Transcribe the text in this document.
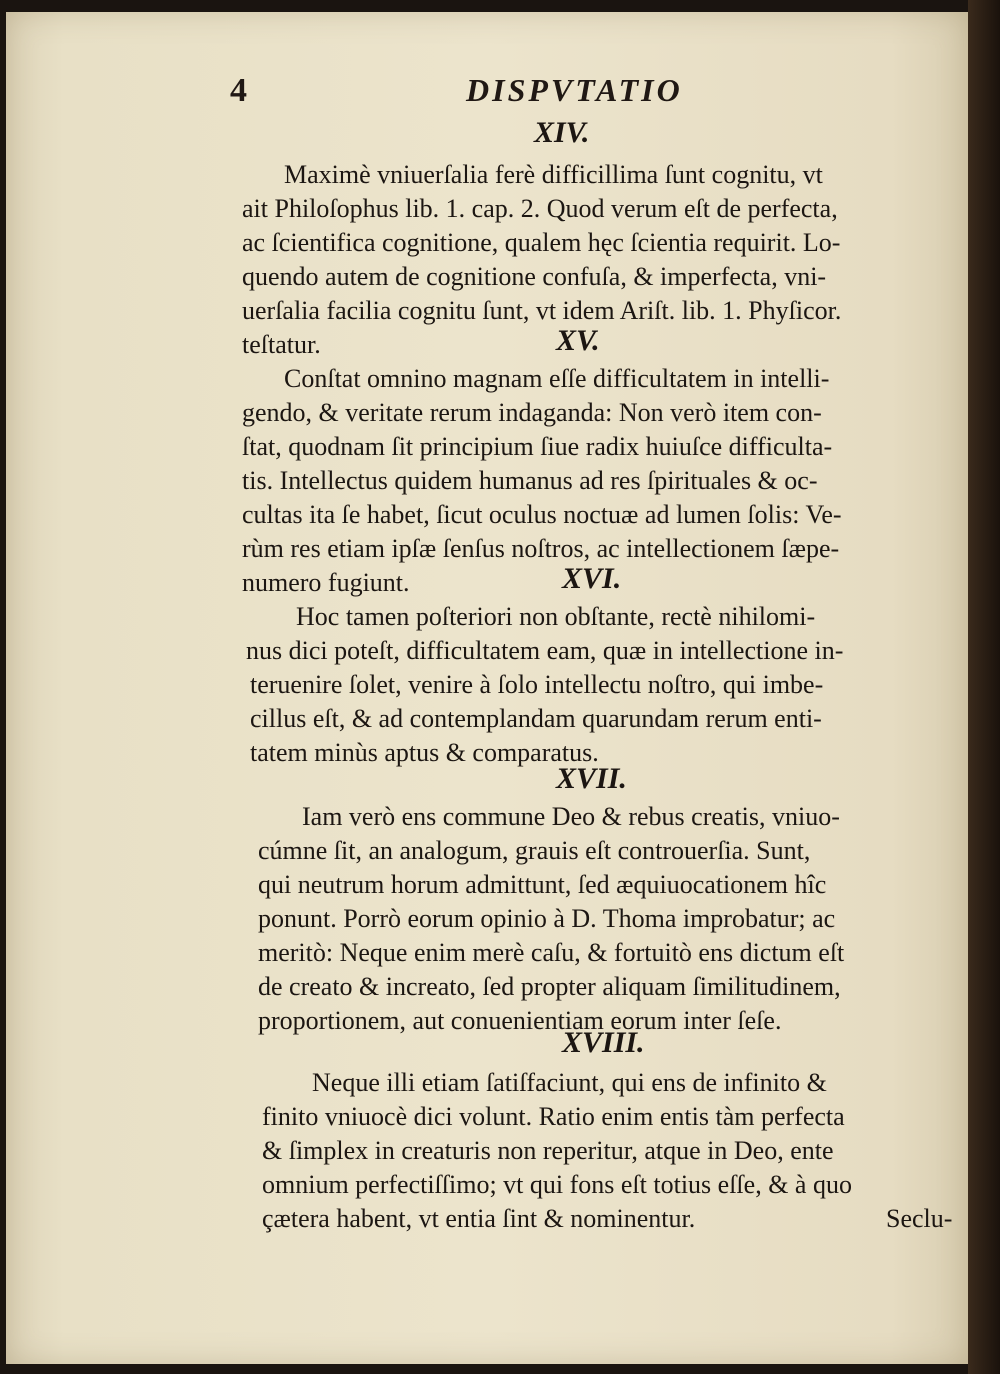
4	DISPVTATIO
XIV.
Maximè vniuerſalia ferè difficillima ſunt cognitu, vt
ait Philoſophus lib. 1. cap. 2. Quod verum eſt de perfecta,
ac ſcientifica cognitione, qualem hęc ſcientia requirit. Lo-
quendo autem de cognitione confuſa, & imperfecta, vni-
uerſalia facilia cognitu ſunt, vt idem Ariſt. lib. 1. Phyſicor.
teſtatur.	XV.
Conſtat omnino magnam eſſe difficultatem in intelli-
gendo, & veritate rerum indaganda: Non verò item con-
ſtat, quodnam ſit principium ſiue radix huiuſce difficulta-
tis. Intellectus quidem humanus ad res ſpirituales & oc-
cultas ita ſe habet, ſicut oculus noctuæ ad lumen ſolis: Ve-
rùm res etiam ipſæ ſenſus noſtros, ac intellectionem ſæpe-
numero fugiunt.	XVI.
Hoc tamen poſteriori non obſtante, rectè nihilomi-
nus dici poteſt, difficultatem eam, quæ in intellectione in-
teruenire ſolet, venire à ſolo intellectu noſtro, qui imbe-
cillus eſt, & ad contemplandam quarundam rerum enti-
tatem minùs aptus & comparatus.
XVII.
Iam verò ens commune Deo & rebus creatis, vniuo-
cúmne ſit, an analogum, grauis eſt controuerſia. Sunt,
qui neutrum horum admittunt, ſed æquiuocationem hîc
ponunt. Porrò eorum opinio à D. Thoma improbatur; ac
meritò: Neque enim merè caſu, & fortuitò ens dictum eſt
de creato & increato, ſed propter aliquam ſimilitudinem,
proportionem, aut conuenientiam eorum inter ſeſe.
XVIII.
Neque illi etiam ſatiſfaciunt, qui ens de infinito &
finito vniuocè dici volunt. Ratio enim entis tàm perfecta
& ſimplex in creaturis non reperitur, atque in Deo, ente
omnium perfectiſſimo; vt qui fons eſt totius eſſe, & à quo
çætera habent, vt entia ſint & nominentur.	Seclu-
